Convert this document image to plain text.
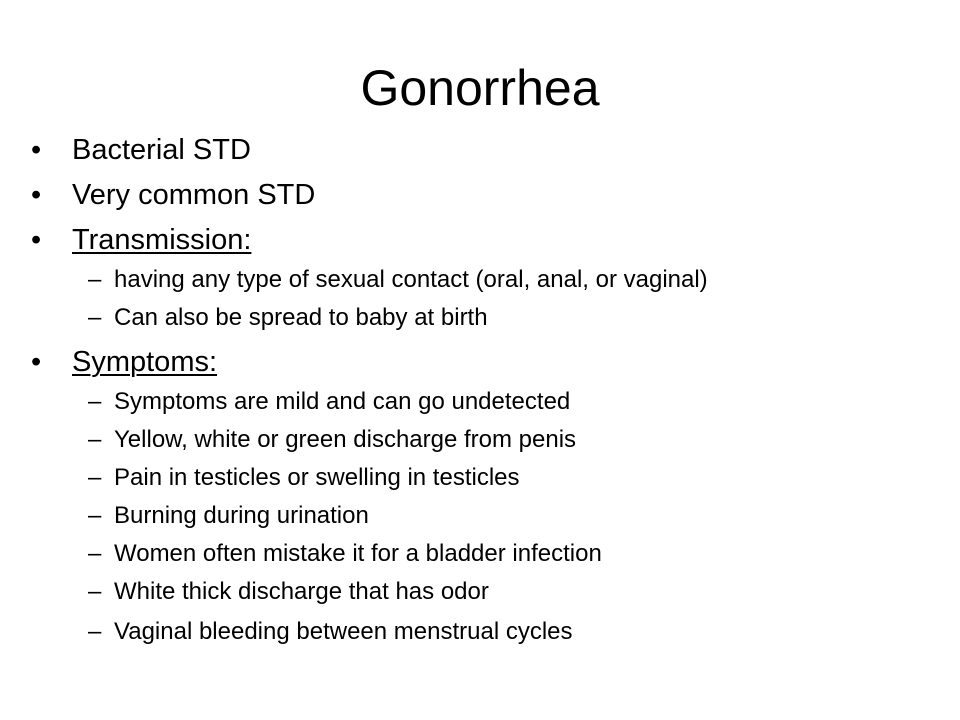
Gonorrhea
• Bacterial STD
• Very common STD
• Transmission:
– having any type of sexual contact (oral, anal, or vaginal)
– Can also be spread to baby at birth
• Symptoms:
– Symptoms are mild and can go undetected
– Yellow, white or green discharge from penis
– Pain in testicles or swelling in testicles
– Burning during urination
– Women often mistake it for a bladder infection
– White thick discharge that has odor
– Vaginal bleeding between menstrual cycles
